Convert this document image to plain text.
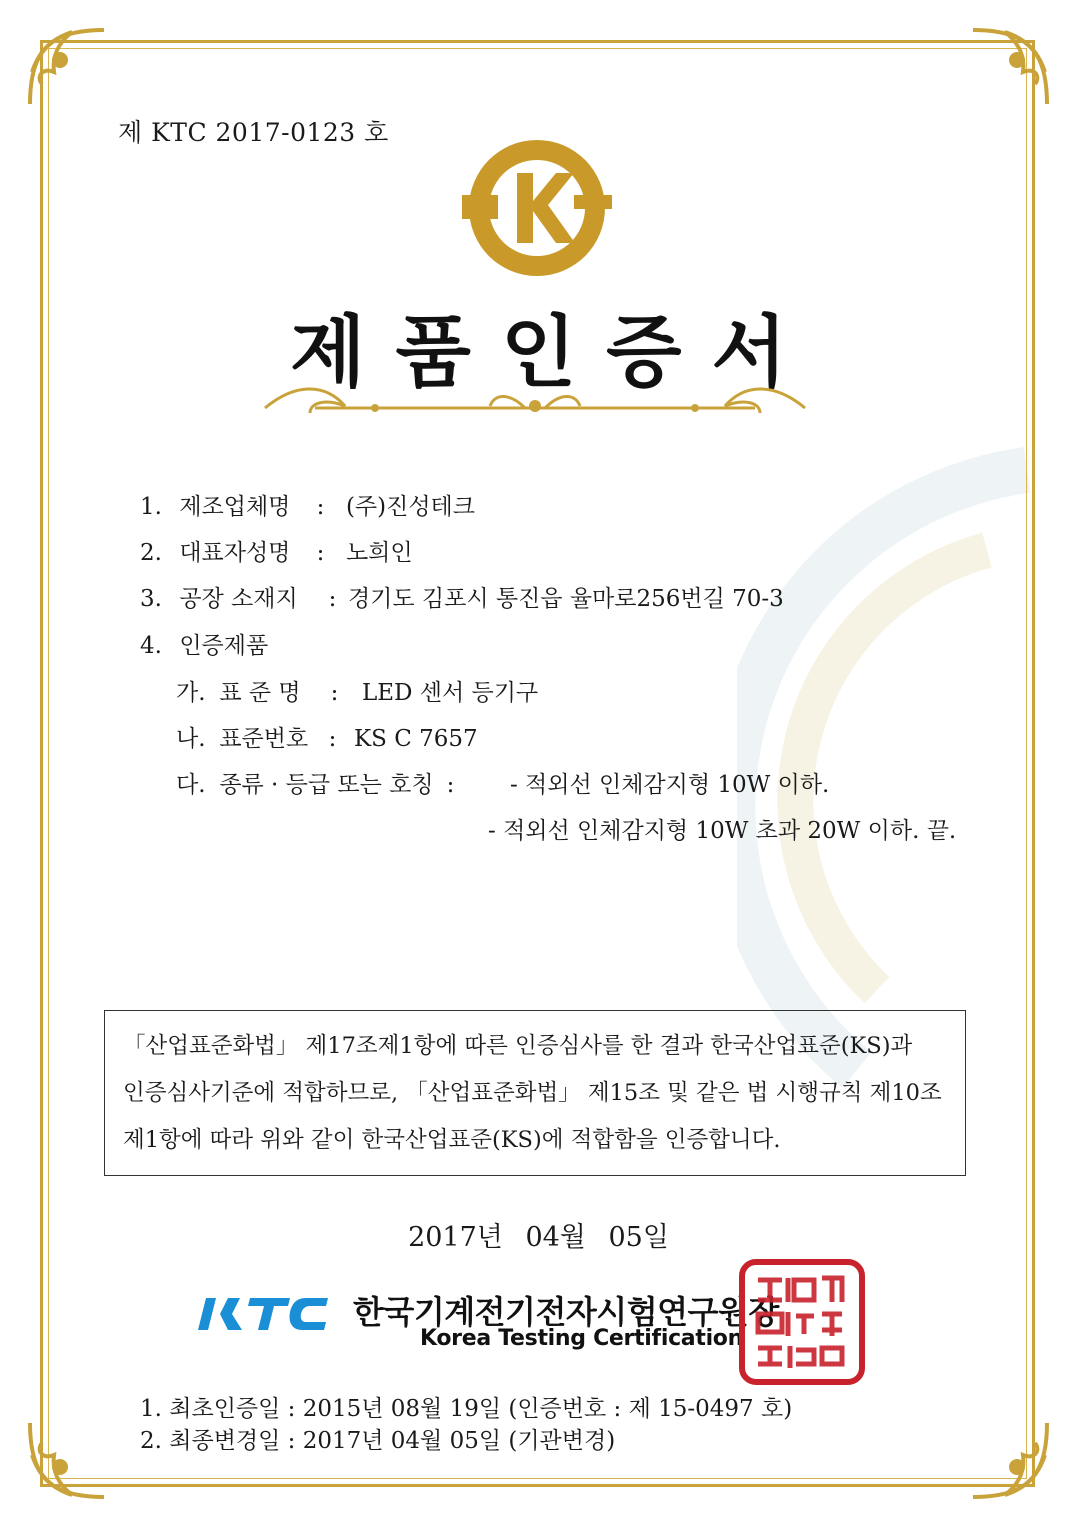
제 KTC 2017-0123 호
제품인증서
1. 제조업체명 : (주)진성테크
2. 대표자성명 : 노희인
3. 공장 소재지 : 경기도 김포시 통진읍 율마로256번길 70-3
4. 인증제품
가. 표 준 명 : LED 센서 등기구
나. 표준번호 : KS C 7657
다. 종류 · 등급 또는 호칭 : - 적외선 인체감지형 10W 이하.
- 적외선 인체감지형 10W 초과 20W 이하. 끝.

「산업표준화법」 제17조제1항에 따른 인증심사를 한 결과 한국산업표준(KS)과

인증심사기준에 적합하므로, 「산업표준화법」 제15조 및 같은 법 시행규칙 제10조

제1항에 따라 위와 같이 한국산업표준(KS)에 적합함을 인증합니다.

2017년 04월 05일
한국기계전기전자시험연구원장
Korea Testing Certification
1. 최초인증일 : 2015년 08월 19일 (인증번호 : 제 15-0497 호)
2. 최종변경일 : 2017년 04월 05일 (기관변경)
